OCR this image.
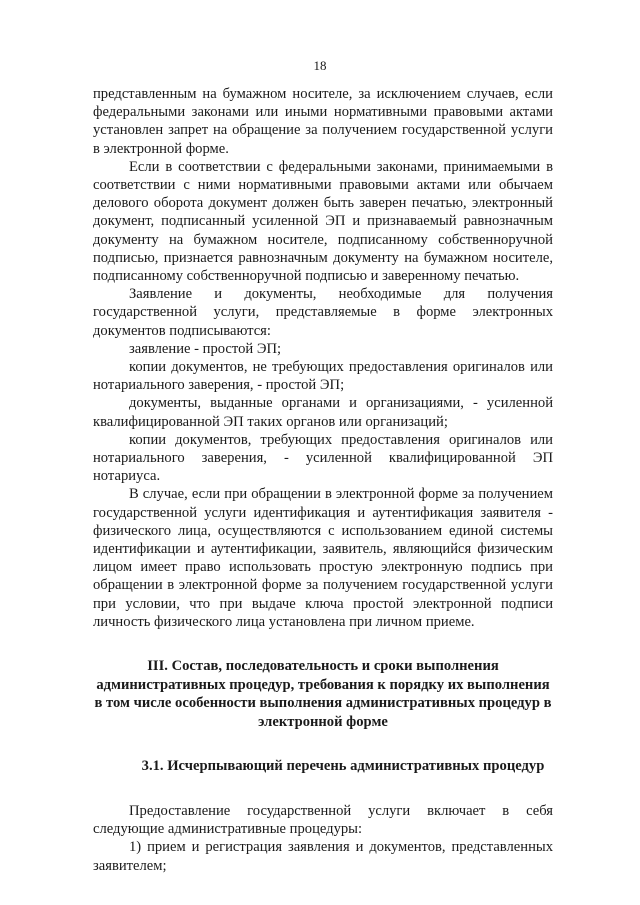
18

представленным на бумажном носителе, за исключением случаев, если федеральными законами или иными нормативными правовыми актами установлен запрет на обращение за получением государственной услуги в электронной форме.

Если в соответствии с федеральными законами, принимаемыми в соответствии с ними нормативными правовыми актами или обычаем делового оборота документ должен быть заверен печатью, электронный документ, подписанный усиленной ЭП и признаваемый равнозначным документу на бумажном носителе, подписанному собственноручной подписью, признается равнозначным документу на бумажном носителе, подписанному собственноручной подписью и заверенному печатью.

Заявление и документы, необходимые для получения государственной услуги, представляемые в форме электронных документов подписываются:

заявление - простой ЭП;

копии документов, не требующих предоставления оригиналов или нотариального заверения, - простой ЭП;

документы, выданные органами и организациями, - усиленной квалифицированной ЭП таких органов или организаций;

копии документов, требующих предоставления оригиналов или нотариального заверения, - усиленной квалифицированной ЭП нотариуса.

В случае, если при обращении в электронной форме за получением государственной услуги идентификация и аутентификация заявителя - физического лица, осуществляются с использованием единой системы идентификации и аутентификации, заявитель, являющийся физическим лицом имеет право использовать простую электронную подпись при обращении в электронной форме за получением государственной услуги при условии, что при выдаче ключа простой электронной подписи личность физического лица установлена при личном приеме.

III. Состав, последовательность и сроки выполнения административных процедур, требования к порядку их выполнения в том числе особенности выполнения административных процедур в электронной форме
3.1. Исчерпывающий перечень административных процедур

Предоставление государственной услуги включает в себя следующие административные процедуры:

1) прием и регистрация заявления и документов, представленных заявителем;
